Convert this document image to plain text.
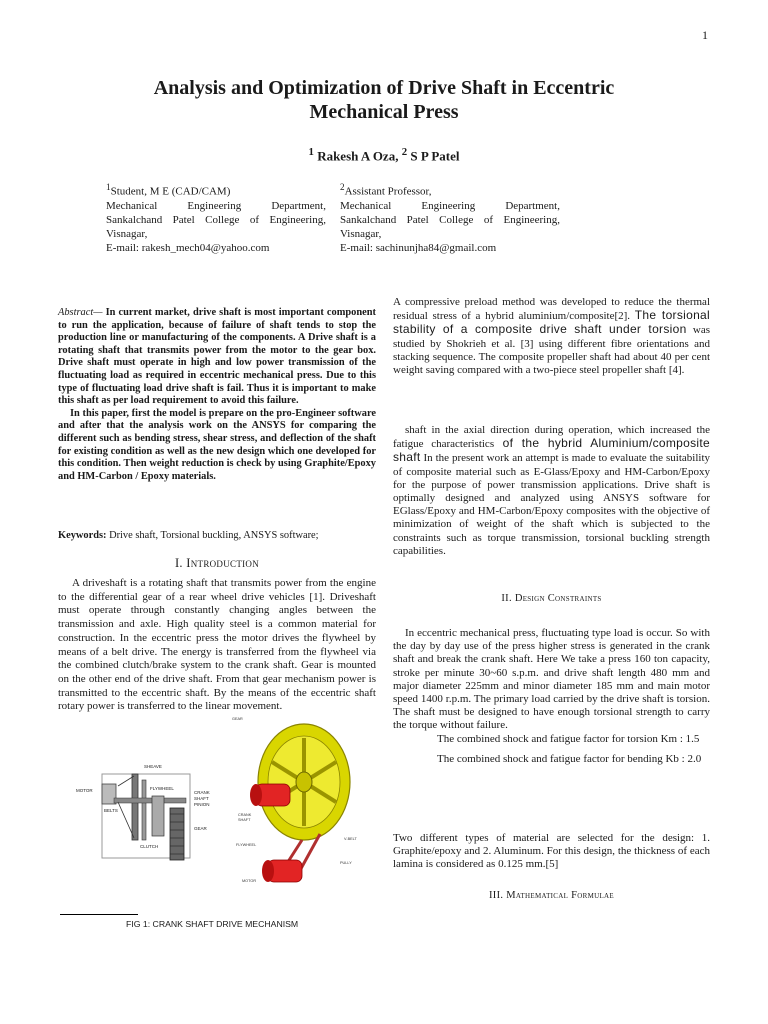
1
Analysis and Optimization of Drive Shaft in Eccentric
Mechanical Press
$^1$ Rakesh A Oza, $^2$ S P Patel
$^1$Student, M E (CAD/CAM)
Mechanical Engineering Department,
Sankalchand Patel College of Engineering,
Visnagar,
E-mail: rakesh_mech04@yahoo.com
$^2$Assistant Professor,
Mechanical Engineering Department,
Sankalchand Patel College of Engineering,
Visnagar,
E-mail: sachinunjha84@gmail.com

Abstract— In current market, drive shaft is most important component to run the application, because of failure of shaft tends to stop the production line or manufacturing of the components. A Drive shaft is a rotating shaft that transmits power from the motor to the gear box. Drive shaft must operate in high and low power transmission of the fluctuating load as required in eccentric mechanical press. Due to this type of fluctuating load drive shaft is fail. Thus it is important to make this shaft as per load requirement to avoid this failure.

In this paper, first the model is prepare on the pro-Engineer software and after that the analysis work on the ANSYS for comparing the different such as bending stress, shear stress, and deflection of the shaft for existing condition as well as the new design which one developed for this condition. Then weight reduction is check by using Graphite/Epoxy and HM-Carbon / Epoxy materials.

Keywords: Drive shaft, Torsional buckling, ANSYS software;
I. Introduction

A driveshaft is a rotating shaft that transmits power from the engine to the differential gear of a rear wheel drive vehicles [1]. Driveshaft must operate through constantly changing angles between the transmission and axle. High quality steel is a common material for construction. In the eccentric press the motor drives the flywheel by means of a belt drive. The energy is transferred from the flywheel via the combined clutch/brake system to the crank shaft. Gear is mounted on the other end of the drive shaft. From that gear mechanism power is transmitted to the eccentric shaft. By the means of the eccentric shaft rotary power is transferred to the linear movement.

SHEAVE
MOTOR	FLYWHEEL
CRANK
SHAFT
PINION
BELTS
CLUTCH
GEAR
GEAR
CRANK
SHAFT
FLYWHEEL
MOTOR
V-BELT
PULLY
FIG 1: CRANK SHAFT DRIVE MECHANISM

A compressive preload method was developed to reduce the thermal residual stress of a hybrid aluminium/composite[2]. The torsional stability of a composite drive shaft under torsion was studied by Shokrieh et al. [3] using different fibre orientations and stacking sequence. The composite propeller shaft had about 40 per cent weight saving compared with a two-piece steel propeller shaft [4].

shaft in the axial direction during operation, which increased the fatigue characteristics of the hybrid Aluminium/composite shaft In the present work an attempt is made to evaluate the suitability of composite material such as E-Glass/Epoxy and HM-Carbon/Epoxy for the purpose of power transmission applications. Drive shaft is optimally designed and analyzed using ANSYS software for EGlass/Epoxy and HM-Carbon/Epoxy composites with the objective of minimization of weight of the shaft which is subjected to the constraints such as torque transmission, torsional buckling strength capabilities.

II. Design Constraints

In eccentric mechanical press, fluctuating type load is occur. So with the day by day use of the press higher stress is generated in the crank shaft and break the crank shaft. Here We take a press 160 ton capacity, stroke per minute 30~60 s.p.m. and drive shaft length 480 mm and major diameter 225mm and minor diameter 185 mm and main motor speed 1400 r.p.m. The primary load carried by the drive shaft is torsion. The shaft must be designed to have enough torsional strength to carry the torque without failure.

The combined shock and fatigue factor for torsion Km : 1.5

The combined shock and fatigue factor for bending Kb : 2.0

Two different types of material are selected for the design: 1. Graphite/epoxy and 2. Aluminum. For this design, the thickness of each lamina is considered as 0.125 mm.[5]

III. Mathematical Formulae
